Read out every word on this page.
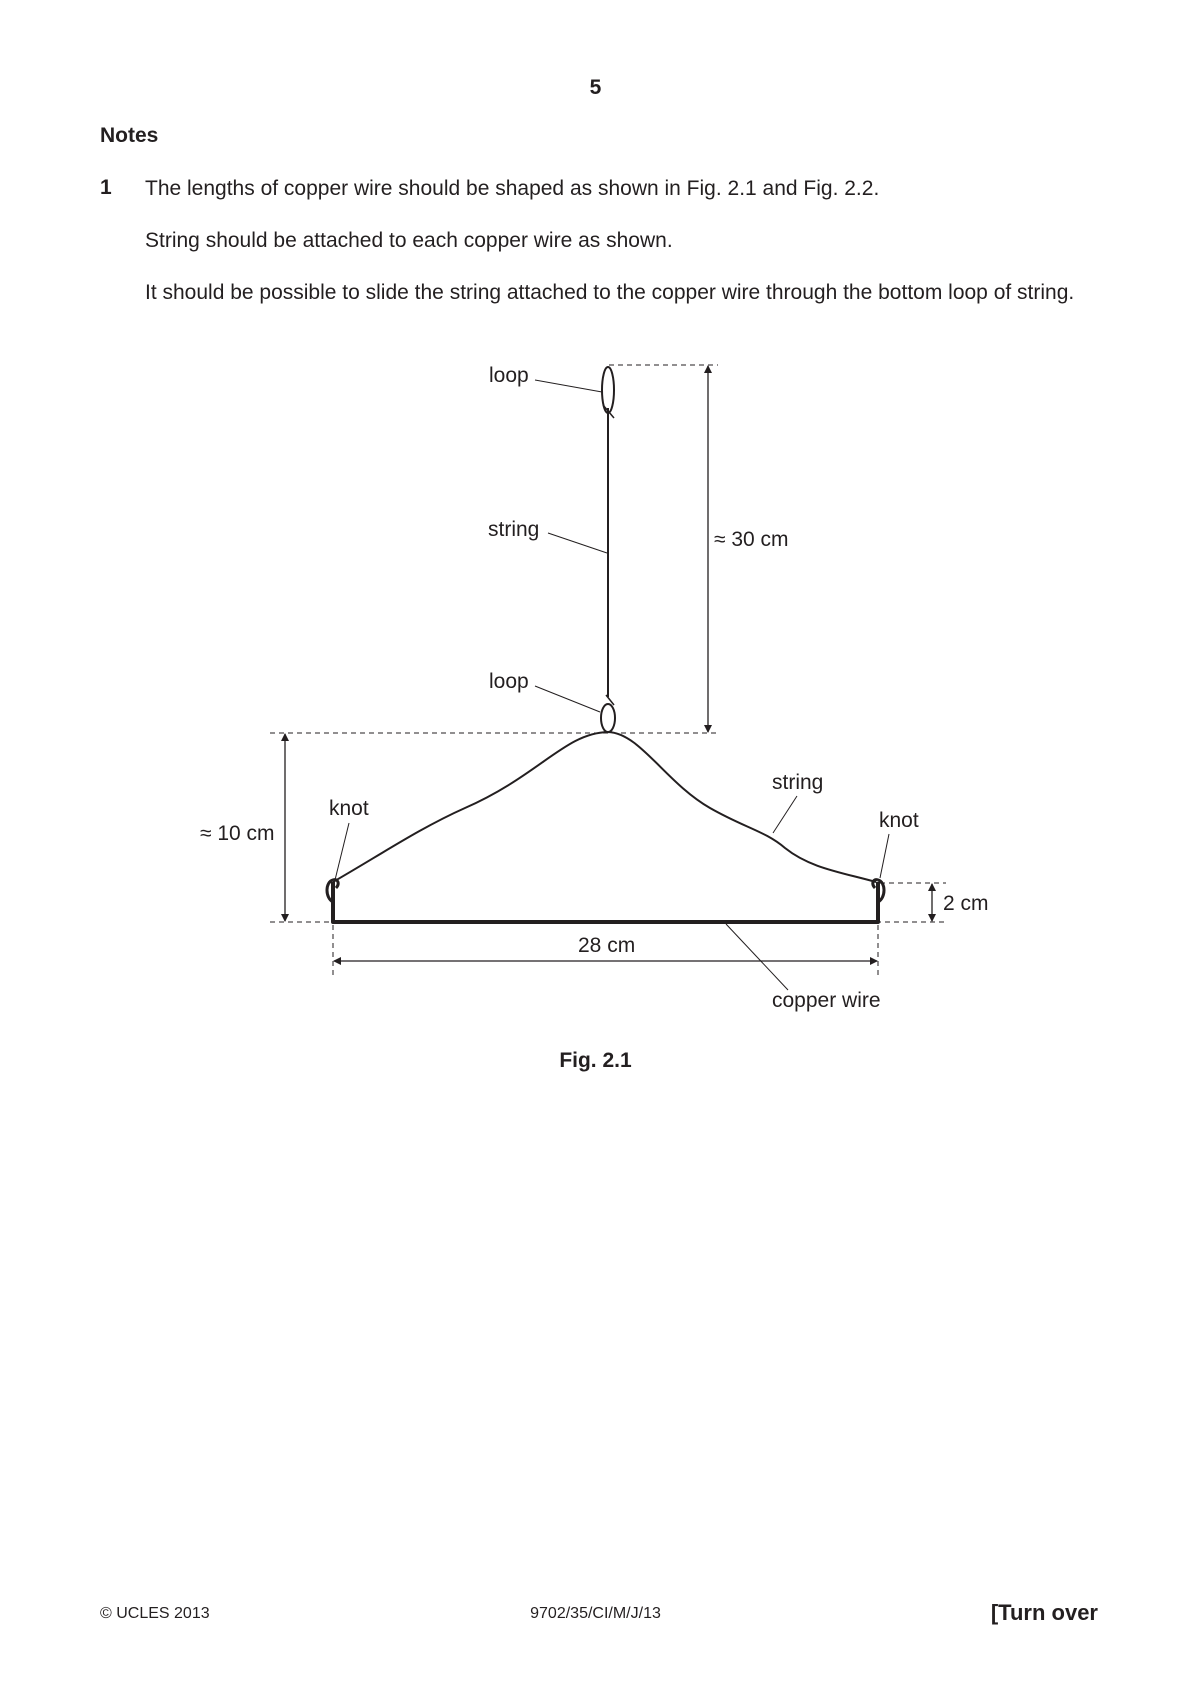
5
Notes
1 The lengths of copper wire should be shaped as shown in Fig. 2.1 and Fig. 2.2.
String should be attached to each copper wire as shown.
It should be possible to slide the string attached to the copper wire through the bottom loop of string.
loop
string
loop
knot
knot
string
copper wire
≈ 30 cm
≈ 10 cm
28 cm
2 cm
Fig. 2.1
© UCLES 2013	9702/35/CI/M/J/13	[Turn over
